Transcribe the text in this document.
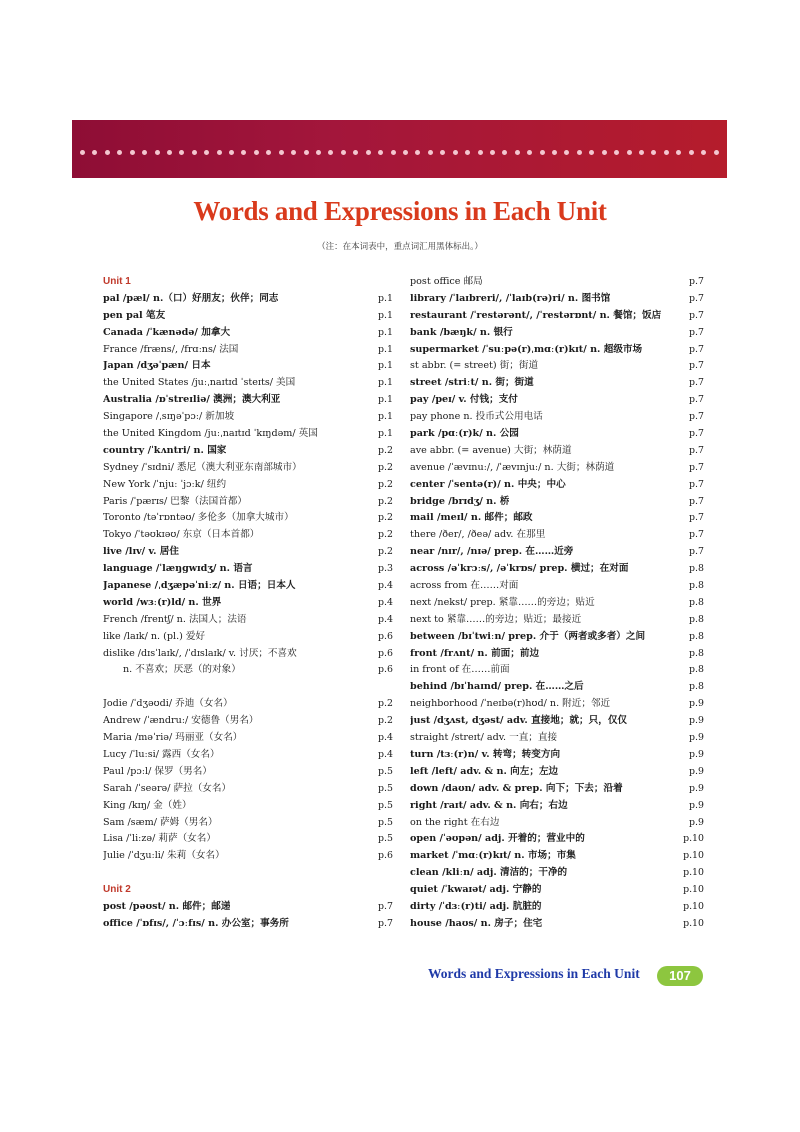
Words and Expressions in Each Unit
（注：在本词表中，重点词汇用黑体标出。）
Unit 1
pal /pæl/ n.（口）好朋友；伙伴；同志	p.1
pen pal 笔友	p.1
Canada /ˈkænədə/ 加拿大	p.1
France /fræns/, /frɑːns/ 法国	p.1
Japan /dʒəˈpæn/ 日本	p.1
the United States /juːˌnaɪtɪd ˈsteɪts/ 美国	p.1
Australia /ɒˈstreɪliə/ 澳洲；澳大利亚	p.1
Singapore /ˌsɪŋəˈpɔː/ 新加坡	p.1
the United Kingdom /juːˌnaɪtɪd ˈkɪŋdəm/ 英国	p.1
country /ˈkʌntri/ n. 国家	p.2
Sydney /ˈsɪdni/ 悉尼（澳大利亚东南部城市）	p.2
New York /ˈnjuː ˈjɔːk/ 纽约	p.2
Paris /ˈpærɪs/ 巴黎（法国首都）	p.2
Toronto /təˈrɒntəʊ/ 多伦多（加拿大城市）	p.2
Tokyo /ˈtəʊkɪəʊ/ 东京（日本首都）	p.2
live /lɪv/ v. 居住	p.2
language /ˈlæŋgwɪdʒ/ n. 语言	p.3
Japanese /ˌdʒæpəˈniːz/ n. 日语；日本人	p.4
world /wɜː(r)ld/ n. 世界	p.4
French /frentʃ/ n. 法国人；法语	p.4
like /laɪk/ n. (pl.) 爱好	p.6
dislike /dɪsˈlaɪk/, /ˈdɪslaɪk/ v. 讨厌；不喜欢	p.6
n. 不喜欢；厌恶（的对象）	p.6
Jodie /ˈdʒəʊdi/ 乔迪（女名）	p.2
Andrew /ˈændruː/ 安德鲁（男名）	p.2
Maria /məˈriə/ 玛丽亚（女名）	p.4
Lucy /ˈluːsi/ 露西（女名）	p.4
Paul /pɔːl/ 保罗（男名）	p.5
Sarah /ˈseərə/ 萨拉（女名）	p.5
King /kɪŋ/ 金（姓）	p.5
Sam /sæm/ 萨姆（男名）	p.5
Lisa /ˈliːzə/ 莉萨（女名）	p.5
Julie /ˈdʒuːli/ 朱莉（女名）	p.6
Unit 2
post /pəʊst/ n. 邮件；邮递	p.7
office /ˈɒfɪs/, /ˈɔːfɪs/ n. 办公室；事务所	p.7
post office 邮局	p.7
library /ˈlaɪbreri/, /ˈlaɪb(rə)ri/ n. 图书馆	p.7
restaurant /ˈrestərənt/, /ˈrestərɒnt/ n. 餐馆；饭店	p.7
bank /bæŋk/ n. 银行	p.7
supermarket /ˈsuːpə(r)ˌmɑː(r)kɪt/ n. 超级市场	p.7
st abbr. (= street) 街；街道	p.7
street /striːt/ n. 街；街道	p.7
pay /peɪ/ v. 付钱；支付	p.7
pay phone n. 投币式公用电话	p.7
park /pɑː(r)k/ n. 公园	p.7
ave abbr. (= avenue) 大街；林荫道	p.7
avenue /ˈævɪnuː/, /ˈævɪnjuː/ n. 大街；林荫道	p.7
center /ˈsentə(r)/ n. 中央；中心	p.7
bridge /brɪdʒ/ n. 桥	p.7
mail /meɪl/ n. 邮件；邮政	p.7
there /ðer/, /ðeə/ adv. 在那里	p.7
near /nɪr/, /nɪə/ prep. 在……近旁	p.7
across /əˈkrɔːs/, /əˈkrɒs/ prep. 横过；在对面	p.8
across from 在……对面	p.8
next /nekst/ prep. 紧靠……的旁边；贴近	p.8
next to 紧靠……的旁边；贴近；最接近	p.8
between /bɪˈtwiːn/ prep. 介于（两者或多者）之间	p.8
front /frʌnt/ n. 前面；前边	p.8
in front of 在……前面	p.8
behind /bɪˈhaɪnd/ prep. 在……之后	p.8
neighborhood /ˈneɪbə(r)hʊd/ n. 附近；邻近	p.9
just /dʒʌst, dʒəst/ adv. 直接地；就；只，仅仅	p.9
straight /streɪt/ adv. 一直；直接	p.9
turn /tɜː(r)n/ v. 转弯；转变方向	p.9
left /left/ adv. & n. 向左；左边	p.9
down /daʊn/ adv. & prep. 向下；下去；沿着	p.9
right /raɪt/ adv. & n. 向右；右边	p.9
on the right 在右边	p.9
open /ˈəʊpən/ adj. 开着的；营业中的	p.10
market /ˈmɑː(r)kɪt/ n. 市场；市集	p.10
clean /kliːn/ adj. 清洁的；干净的	p.10
quiet /ˈkwaɪət/ adj. 宁静的	p.10
dirty /ˈdɜː(r)ti/ adj. 肮脏的	p.10
house /haʊs/ n. 房子；住宅	p.10
Words and Expressions in Each Unit	107
